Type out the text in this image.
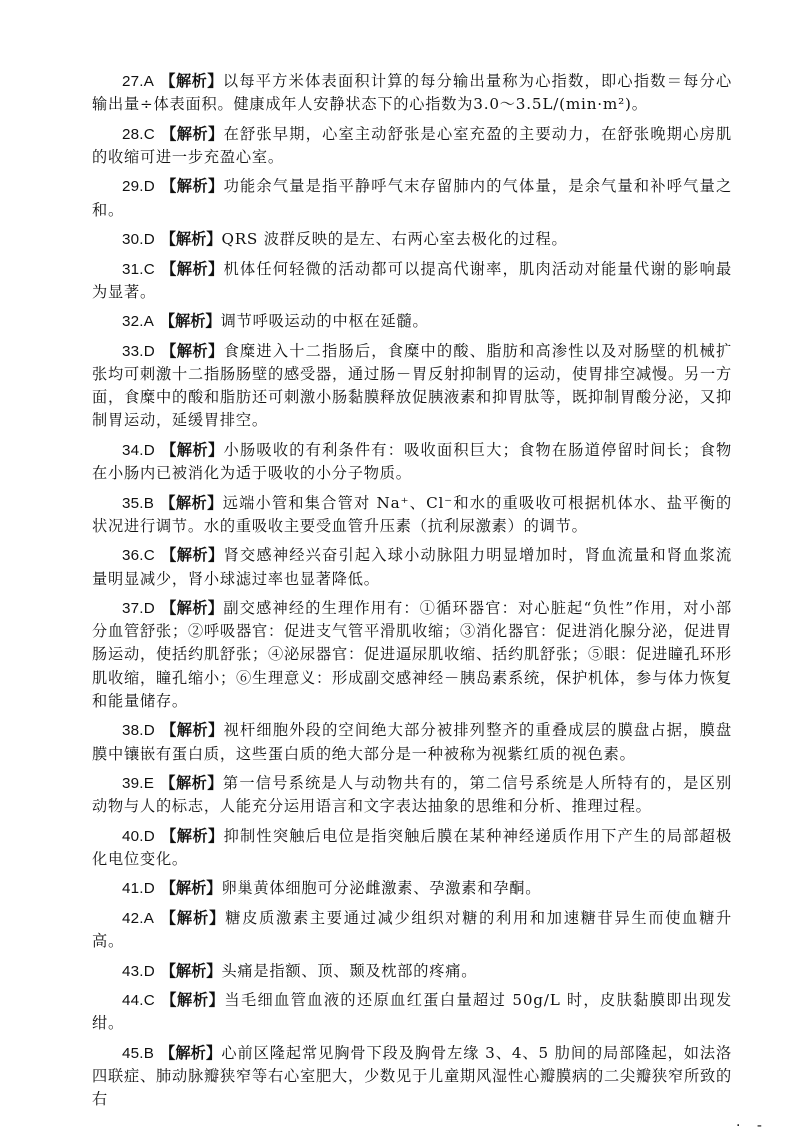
27.A 【解析】以每平方米体表面积计算的每分输出量称为心指数，即心指数＝每分心输出量÷体表面积。健康成年人安静状态下的心指数为3.0～3.5L/(min·m²)。

28.C 【解析】在舒张早期，心室主动舒张是心室充盈的主要动力，在舒张晚期心房肌的收缩可进一步充盈心室。

29.D 【解析】功能余气量是指平静呼气末存留肺内的气体量，是余气量和补呼气量之和。

30.D 【解析】QRS 波群反映的是左、右两心室去极化的过程。

31.C 【解析】机体任何轻微的活动都可以提高代谢率，肌肉活动对能量代谢的影响最为显著。

32.A 【解析】调节呼吸运动的中枢在延髓。

33.D 【解析】食糜进入十二指肠后，食糜中的酸、脂肪和高渗性以及对肠壁的机械扩张均可刺激十二指肠肠壁的感受器，通过肠－胃反射抑制胃的运动，使胃排空减慢。另一方面，食糜中的酸和脂肪还可刺激小肠黏膜释放促胰液素和抑胃肽等，既抑制胃酸分泌，又抑制胃运动，延缓胃排空。

34.D 【解析】小肠吸收的有利条件有：吸收面积巨大；食物在肠道停留时间长；食物在小肠内已被消化为适于吸收的小分子物质。

35.B 【解析】远端小管和集合管对 Na⁺、Cl⁻和水的重吸收可根据机体水、盐平衡的状况进行调节。水的重吸收主要受血管升压素（抗利尿激素）的调节。

36.C 【解析】肾交感神经兴奋引起入球小动脉阻力明显增加时，肾血流量和肾血浆流量明显减少，肾小球滤过率也显著降低。

37.D 【解析】副交感神经的生理作用有：①循环器官：对心脏起“负性”作用，对小部分血管舒张；②呼吸器官：促进支气管平滑肌收缩；③消化器官：促进消化腺分泌，促进胃肠运动，使括约肌舒张；④泌尿器官：促进逼尿肌收缩、括约肌舒张；⑤眼：促进瞳孔环形肌收缩，瞳孔缩小；⑥生理意义：形成副交感神经－胰岛素系统，保护机体，参与体力恢复和能量储存。

38.D 【解析】视杆细胞外段的空间绝大部分被排列整齐的重叠成层的膜盘占据，膜盘膜中镶嵌有蛋白质，这些蛋白质的绝大部分是一种被称为视紫红质的视色素。

39.E 【解析】第一信号系统是人与动物共有的，第二信号系统是人所特有的，是区别动物与人的标志，人能充分运用语言和文字表达抽象的思维和分析、推理过程。

40.D 【解析】抑制性突触后电位是指突触后膜在某种神经递质作用下产生的局部超极化电位变化。

41.D 【解析】卵巢黄体细胞可分泌雌激素、孕激素和孕酮。

42.A 【解析】糖皮质激素主要通过减少组织对糖的利用和加速糖苷异生而使血糖升高。

43.D 【解析】头痛是指额、顶、颞及枕部的疼痛。

44.C 【解析】当毛细血管血液的还原血红蛋白量超过 50g/L 时，皮肤黏膜即出现发绀。

45.B 【解析】心前区隆起常见胸骨下段及胸骨左缘 3、4、5 肋间的局部隆起，如法洛四联症、肺动脉瓣狭窄等右心室肥大，少数见于儿童期风湿性心瓣膜病的二尖瓣狭窄所致的右

· -
